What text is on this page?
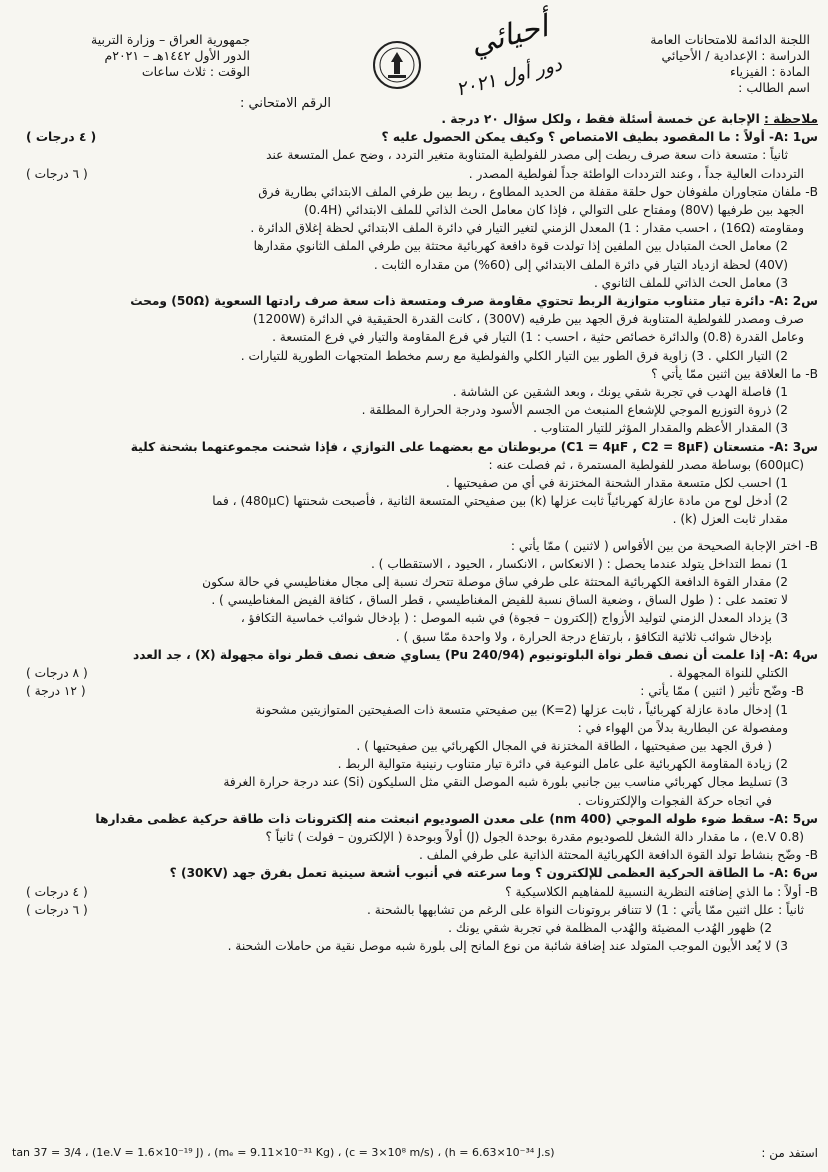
اللجنة الدائمة للامتحانات العامة
الدراسة : الإعدادية / الأحيائي
المادة : الفيزياء
اسم الطالب :
أحيائي
دور أول ٢٠٢١
جمهورية العراق – وزارة التربية
الدور الأول ١٤٤٢هـ – ٢٠٢١م
الوقت : ثلاث ساعات
الرقم الامتحاني :
ملاحظة : الإجابة عن خمسة أسئلة فقط ، ولكل سؤال ٢٠ درجة .
س1 :A- أولاً : ما المقصود بطيف الامتصاص ؟ وكيف يمكن الحصول عليه ؟
( ٤ درجات )
ثانياً : متسعة ذات سعة صرف ربطت إلى مصدر للفولطية المتناوبة متغير التردد ، وضح عمل المتسعة عند
الترددات العالية جداً ، وعند الترددات الواطئة جداً لفولطية المصدر .
( ٦ درجات )
B- ملفان متجاوران ملفوفان حول حلقة مقفلة من الحديد المطاوع ، ربط بين طرفي الملف الابتدائي بطارية فرق
الجهد بين طرفيها (80V) ومفتاح على التوالي ، فإذا كان معامل الحث الذاتي للملف الابتدائي (0.4H)
ومقاومته (16Ω) ، احسب مقدار : 1) المعدل الزمني لتغير التيار في دائرة الملف الابتدائي لحظة إغلاق الدائرة .
2) معامل الحث المتبادل بين الملفين إذا تولدت قوة دافعة كهربائية محتثة بين طرفي الملف الثانوي مقدارها
(40V) لحظة ازدياد التيار في دائرة الملف الابتدائي إلى (60%) من مقداره الثابت .
3) معامل الحث الذاتي للملف الثانوي .
س2 :A- دائرة تيار متناوب متوازية الربط تحتوي مقاومة صرف ومتسعة ذات سعة صرف رادتها السعوية (50Ω) ومحث
صرف ومصدر للفولطية المتناوبة فرق الجهد بين طرفيه (300V) ، كانت القدرة الحقيقية في الدائرة (1200W)
وعامل القدرة (0.8) والدائرة خصائص حثية ، احسب : 1) التيار في فرع المقاومة والتيار في فرع المتسعة .
2) التيار الكلي . 3) زاوية فرق الطور بين التيار الكلي والفولطية مع رسم مخطط المتجهات الطورية للتيارات .
B- ما العلاقة بين اثنين ممّا يأتي ؟
1) فاصلة الهدب في تجربة شقي يونك ، وبعد الشقين عن الشاشة .
2) ذروة التوزيع الموجي للإشعاع المنبعث من الجسم الأسود ودرجة الحرارة المطلقة .
3) المقدار الأعظم والمقدار المؤثر للتيار المتناوب .
س3 :A- متسعتان (C1 = 4μF , C2 = 8μF) مربوطتان مع بعضهما على التوازي ، فإذا شحنت مجموعتهما بشحنة كلية
(600μC) بوساطة مصدر للفولطية المستمرة ، ثم فصلت عنه :
1) احسب لكل متسعة مقدار الشحنة المختزنة في أي من صفيحتيها .
2) أدخل لوح من مادة عازلة كهربائياً ثابت عزلها (k) بين صفيحتي المتسعة الثانية ، فأصبحت شحنتها (480μC) ، فما
مقدار ثابت العزل (k) .
B- اختر الإجابة الصحيحة من بين الأقواس ( لاثنين ) ممّا يأتي :
1) نمط التداخل يتولد عندما يحصل : ( الانعكاس ، الانكسار ، الحيود ، الاستقطاب ) .
2) مقدار القوة الدافعة الكهربائية المحتثة على طرفي ساق موصلة تتحرك نسبة إلى مجال مغناطيسي في حالة سكون
لا تعتمد على : ( طول الساق ، وضعية الساق نسبة للفيض المغناطيسي ، قطر الساق ، كثافة الفيض المغناطيسي ) .
3) يزداد المعدل الزمني لتوليد الأزواج (إلكترون – فجوة) في شبه الموصل : ( بإدخال شوائب خماسية التكافؤ ،
بإدخال شوائب ثلاثية التكافؤ ، بارتفاع درجة الحرارة ، ولا واحدة ممّا سبق ) .
س4 :A- إذا علمت أن نصف قطر نواة البلوتونيوم (Pu 240/94) يساوي ضعف نصف قطر نواة مجهولة (X) ، جد العدد
الكتلي للنواة المجهولة .
( ٨ درجات )
B- وضّح تأثير ( اثنين ) ممّا يأتي :
( ١٢ درجة )
1) إدخال مادة عازلة كهربائياً ، ثابت عزلها (K=2) بين صفيحتي متسعة ذات الصفيحتين المتوازيتين مشحونة
ومفصولة عن البطارية بدلاً من الهواء في :
( فرق الجهد بين صفيحتيها ، الطاقة المختزنة في المجال الكهربائي بين صفيحتيها ) .
2) زيادة المقاومة الكهربائية على عامل النوعية في دائرة تيار متناوب رنينية متوالية الربط .
3) تسليط مجال كهربائي مناسب بين جانبي بلورة شبه الموصل النقي مثل السليكون (Si) عند درجة حرارة الغرفة
في اتجاه حركة الفجوات والإلكترونات .
س5 :A- سقط ضوء طوله الموجي (400 nm) على معدن الصوديوم انبعثت منه إلكترونات ذات طاقة حركية عظمى مقدارها
(0.8 e.V) ، ما مقدار دالة الشغل للصوديوم مقدرة بوحدة الجول (J) أولاً وبوحدة ( الإلكترون – فولت ) ثانياً ؟
B- وضّح بنشاط تولد القوة الدافعة الكهربائية المحتثة الذاتية على طرفي الملف .
س6 :A- ما الطاقة الحركية العظمى للإلكترون ؟ وما سرعته في أنبوب أشعة سينية تعمل بفرق جهد (30KV) ؟
B- أولاً : ما الذي إضافته النظرية النسبية للمفاهيم الكلاسيكية ؟
( ٤ درجات )
ثانياً : علل اثنين ممّا يأتي : 1) لا تتنافر بروتونات النواة على الرغم من تشابهها بالشحنة .
( ٦ درجات )
2) ظهور الهُدب المضيئة والهُدب المظلمة في تجربة شقي يونك .
3) لا يُعد الأيون الموجب المتولد عند إضافة شائبة من نوع المانح إلى بلورة شبه موصل نقية من حاملات الشحنة .
tan 37 = 3/4 ، (1e.V = 1.6×10⁻¹⁹ J) ، (mₑ = 9.11×10⁻³¹ Kg) ، (c = 3×10⁸ m/s) ، (h = 6.63×10⁻³⁴ J.s)	استفد من :
